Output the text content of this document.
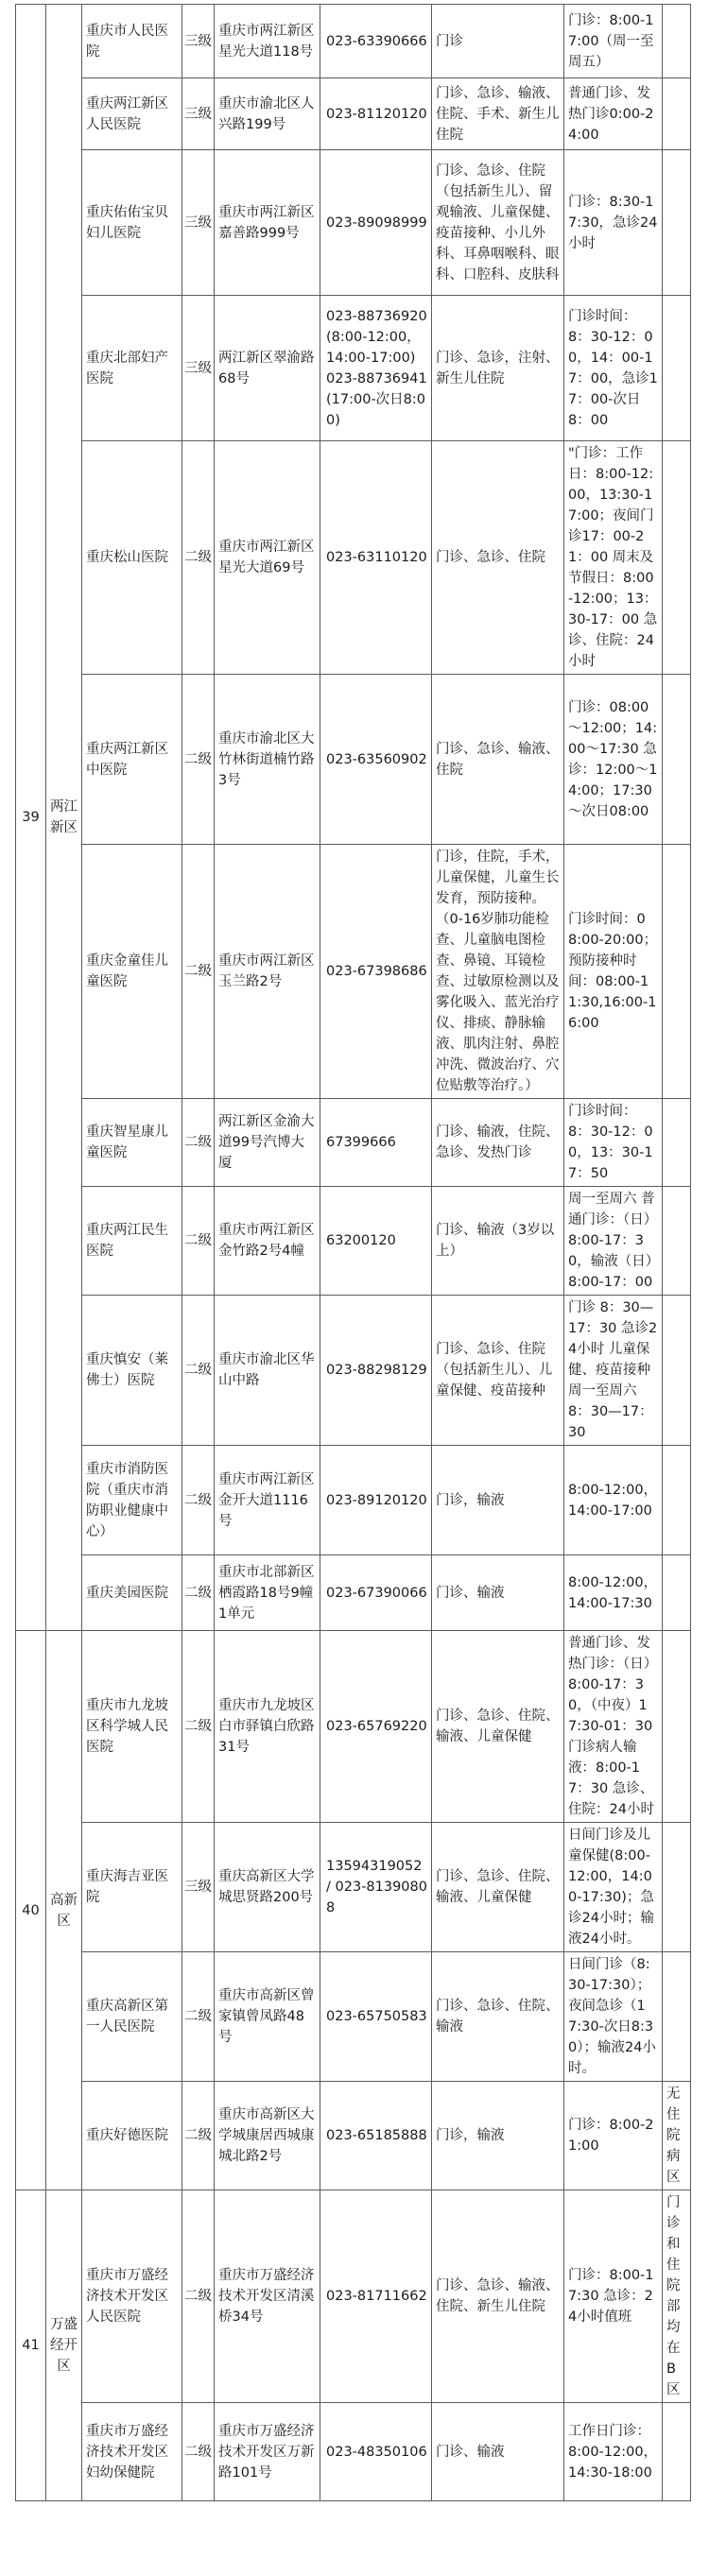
39	两江新区	重庆市人民医院	三级	重庆市两江新区星光大道118号	023-63390666	门诊	门诊：8:00-17:00（周一至周五）	
		重庆两江新区人民医院	三级	重庆市渝北区人兴路199号	023-81120120	门诊、急诊、输液、住院、手术、新生儿住院	普通门诊、发热门诊0:00-24:00	
		重庆佑佑宝贝妇儿医院	三级	重庆市两江新区嘉善路999号	023-89098999	门诊、急诊、住院（包括新生儿）、留观输液、儿童保健、疫苗接种、小儿外科、耳鼻咽喉科、眼科、口腔科、皮肤科	门诊：8:30-17:30，急诊24小时	
		重庆北部妇产医院	三级	两江新区翠渝路68号	023-88736920(8:00-12:00，14:00-17:00) 023-88736941(17:00-次日8:00)	门诊、急诊，注射、新生儿住院	门诊时间：8：30-12：00，14：00-17：00，急诊17：00-次日8：00	
		重庆松山医院	二级	重庆市两江新区星光大道69号	023-63110120	门诊、急诊、住院	"门诊：工作日：8:00-12:00，13:30-17:00；夜间门诊17：00-21：00 周末及节假日：8:00-12:00；13：30-17：00 急诊、住院：24小时	
		重庆两江新区中医院	二级	重庆市渝北区大竹林街道楠竹路3号	023-63560902	门诊、急诊、输液、住院	门诊：08:00～12:00；14:00～17:30 急诊：12:00～14:00；17:30～次日08:00	
		重庆金童佳儿童医院	二级	重庆市两江新区玉兰路2号	023-67398686	门诊，住院，手术，儿童保健，儿童生长发育，预防接种。（0-16岁肺功能检查、儿童脑电图检查、鼻镜、耳镜检查、过敏原检测以及雾化吸入、蓝光治疗仪、排痰、静脉输液、肌肉注射、鼻腔冲洗、微波治疗、穴位贴敷等治疗。）	门诊时间：08:00-20:00；预防接种时间：08:00-11:30,16:00-16:00	
		重庆智星康儿童医院	二级	两江新区金渝大道99号汽博大厦	67399666	门诊、输液，住院、急诊、发热门诊	门诊时间：8：30-12：00，13：30-17：50	
		重庆两江民生医院	二级	重庆市两江新区金竹路2号4幢	63200120	门诊、输液（3岁以上）	周一至周六 普通门诊：（日）8:00-17：30，输液（日）8:00-17：00	
		重庆慎安（莱佛士）医院	二级	重庆市渝北区华山中路	023-88298129	门诊、急诊、住院（包括新生儿）、儿童保健、疫苗接种	门诊 8：30—17：30 急诊24小时 儿童保健、疫苗接种 周一至周六8：30—17：30	
		重庆市消防医院（重庆市消防职业健康中心）	二级	重庆市两江新区金开大道1116号	023-89120120	门诊，输液	8:00-12:00，14:00-17:00	
		重庆美园医院	二级	重庆市北部新区栖霞路18号9幢1单元	023-67390066	门诊、输液	8:00-12:00，14:00-17:30	
40	高新区	重庆市九龙坡区科学城人民医院	二级	重庆市九龙坡区白市驿镇白欣路31号	023-65769220	门诊、急诊、住院、输液、儿童保健	普通门诊、发热门诊：（日）8:00-17：30，（中夜）17:30-01：30 门诊病人输液：8:00-17：30 急诊、住院：24小时	
		重庆海吉亚医院	三级	重庆高新区大学城思贤路200号	13594319052 / 023-81390808	门诊、急诊、住院、输液、儿童保健	日间门诊及儿童保健(8:00-12:00，14:00-17:30)；急诊24小时；输液24小时。	
		重庆高新区第一人民医院	二级	重庆市高新区曾家镇曾凤路48号	023-65750583	门诊、急诊、住院、输液	日间门诊（8:30-17:30）；夜间急诊（17:30-次日8:30）；输液24小时。	
		重庆好德医院	二级	重庆市高新区大学城康居西城康城北路2号	023-65185888	门诊，输液	门诊：8:00-21:00	无住院病区
41	万盛经开区	重庆市万盛经济技术开发区人民医院	二级	重庆市万盛经济技术开发区清溪桥34号	023-81711662	门诊、急诊、输液、住院、新生儿住院	门诊：8:00-17:30 急诊：24小时值班	门诊和住院部均在B区
		重庆市万盛经济技术开发区妇幼保健院	二级	重庆市万盛经济技术开发区万新路101号	023-48350106	门诊、输液	工作日门诊：8:00-12:00，14:30-18:00	
